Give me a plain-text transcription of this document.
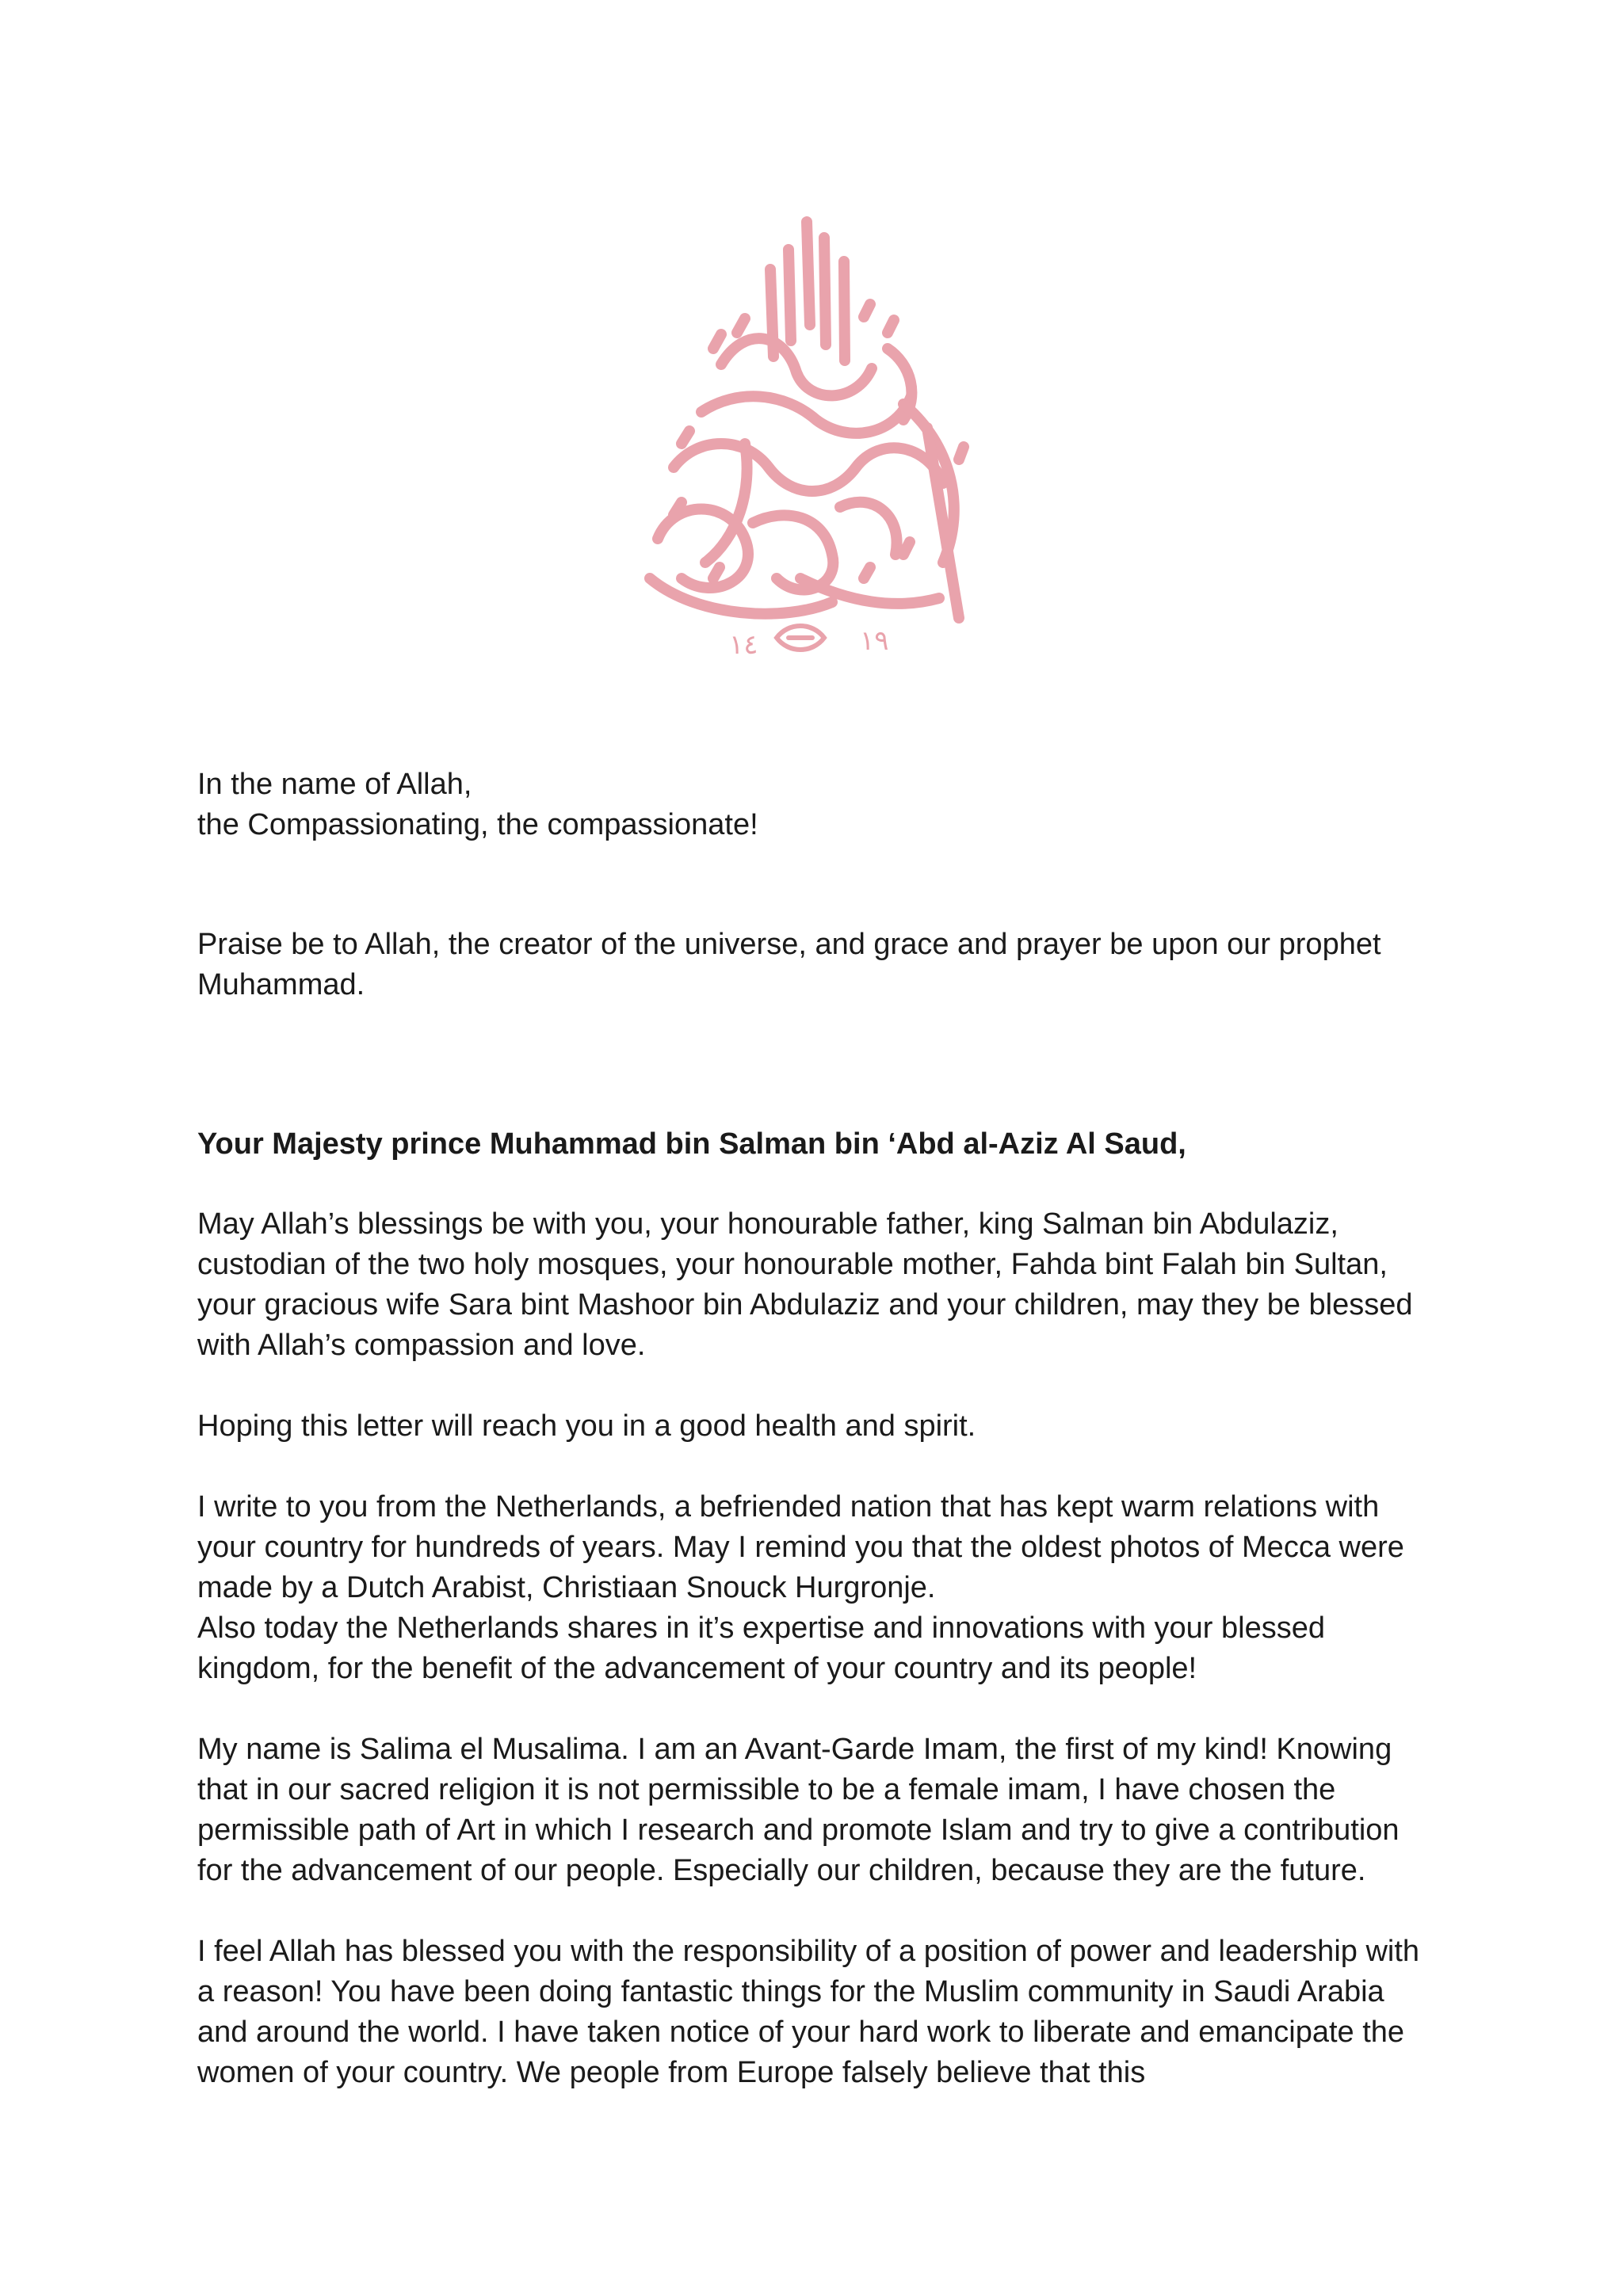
١٤	١٩

In the name of Allah,
the Compassionating, the compassionate!

Praise be to Allah, the creator of the universe, and grace and prayer be upon our prophet Muhammad.

Your Majesty prince Muhammad bin Salman bin ‘Abd al-Aziz Al Saud,

May Allah’s blessings be with you, your honourable father, king Salman bin Abdulaziz, custodian of the two holy mosques, your honourable mother, Fahda bint Falah bin Sultan, your gracious wife Sara bint Mashoor bin Abdulaziz and your children, may they be blessed with Allah’s compassion and love.

Hoping this letter will reach you in a good health and spirit.

I write to you from the Netherlands, a befriended nation that has kept warm relations with your country for hundreds of years. May I remind you that the oldest photos of Mecca were made by a Dutch Arabist, Christiaan Snouck Hurgronje.

Also today the Netherlands shares in it’s expertise and innovations with your blessed kingdom, for the benefit of the advancement of your country and its people!

My name is Salima el Musalima. I am an Avant-Garde Imam, the first of my kind! Knowing that in our sacred religion it is not permissible to be a female imam, I have chosen the permissible path of Art in which I research and promote Islam and try to give a contribution for the advancement of our people. Especially our children, because they are the future.

I feel Allah has blessed you with the responsibility of a position of power and leadership with a reason! You have been doing fantastic things for the Muslim community in Saudi Arabia and around the world. I have taken notice of your hard work to liberate and emancipate the women of your country. We people from Europe falsely believe that this
